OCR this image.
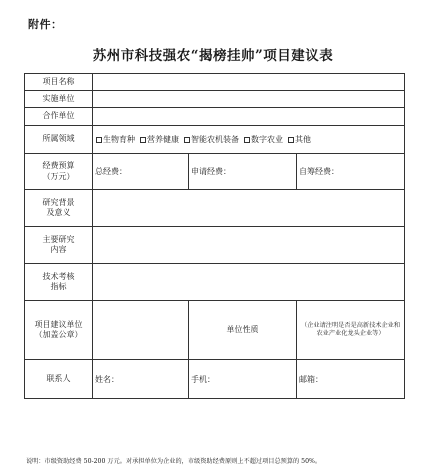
附件：
苏州市科技强农“揭榜挂帅”项目建议表
项目名称			
实施单位			
合作单位			
所属领域	生物育种 营养健康 智能农机装备 数字农业 其他		

经费预算（万元）	总经费：	申请经费：	自筹经费：

研究背景及意义			
主要研究内容			
技术考核指标			
项目建议单位（加盖公章）		单位性质	（企业请注明是否是高新技术企业和农业产业化龙头企业等）

联系人	姓名：	手机：	邮箱：
说明：市级资助经费 50-200 万元。对承担单位为企业的，市级资助经费原则上不超过项目总预算的 50%。
